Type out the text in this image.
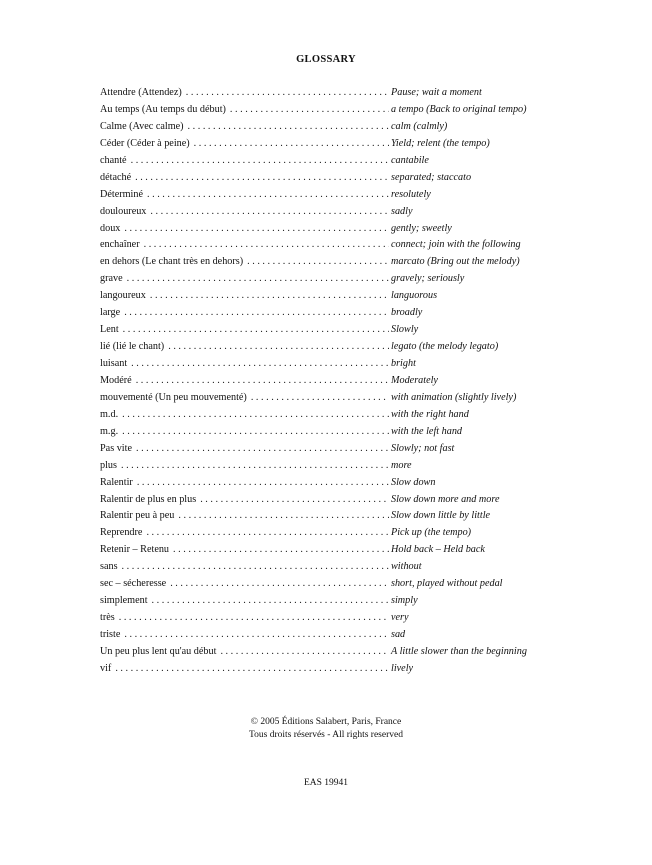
GLOSSARY
Attendre (Attendez) . . .	Pause; wait a moment
Au temps (Au temps du début) . . .	a tempo (Back to original tempo)
Calme (Avec calme) . . .	calm (calmly)
Céder (Céder à peine) . . .	Yield; relent (the tempo)
chanté . . .	cantabile
détaché . . .	separated; staccato
Déterminé . . .	resolutely
douloureux . . .	sadly
doux . . .	gently; sweetly
enchaîner . . .	connect; join with the following
en dehors (Le chant très en dehors) . . .	marcato (Bring out the melody)
grave . . .	gravely; seriously
langoureux . . .	languorous
large . . .	broadly
Lent . . .	Slowly
lié (lié le chant) . . .	legato (the melody legato)
luisant . . .	bright
Modéré . . .	Moderately
mouvementé (Un peu mouvementé) . . .	with animation (slightly lively)
m.d. . . .	with the right hand
m.g. . . .	with the left hand
Pas vite . . .	Slowly; not fast
plus . . .	more
Ralentir . . .	Slow down
Ralentir de plus en plus . . .	Slow down more and more
Ralentir peu à peu . . .	Slow down little by little
Reprendre . . .	Pick up (the tempo)
Retenir – Retenu . . .	Hold back – Held back
sans . . .	without
sec – sécheresse . . .	short, played without pedal
simplement . . .	simply
très . . .	very
triste . . .	sad
Un peu plus lent qu'au début . . .	A little slower than the beginning
vif . . .	lively
© 2005 Éditions Salabert, Paris, France
Tous droits réservés - All rights reserved
EAS 19941
